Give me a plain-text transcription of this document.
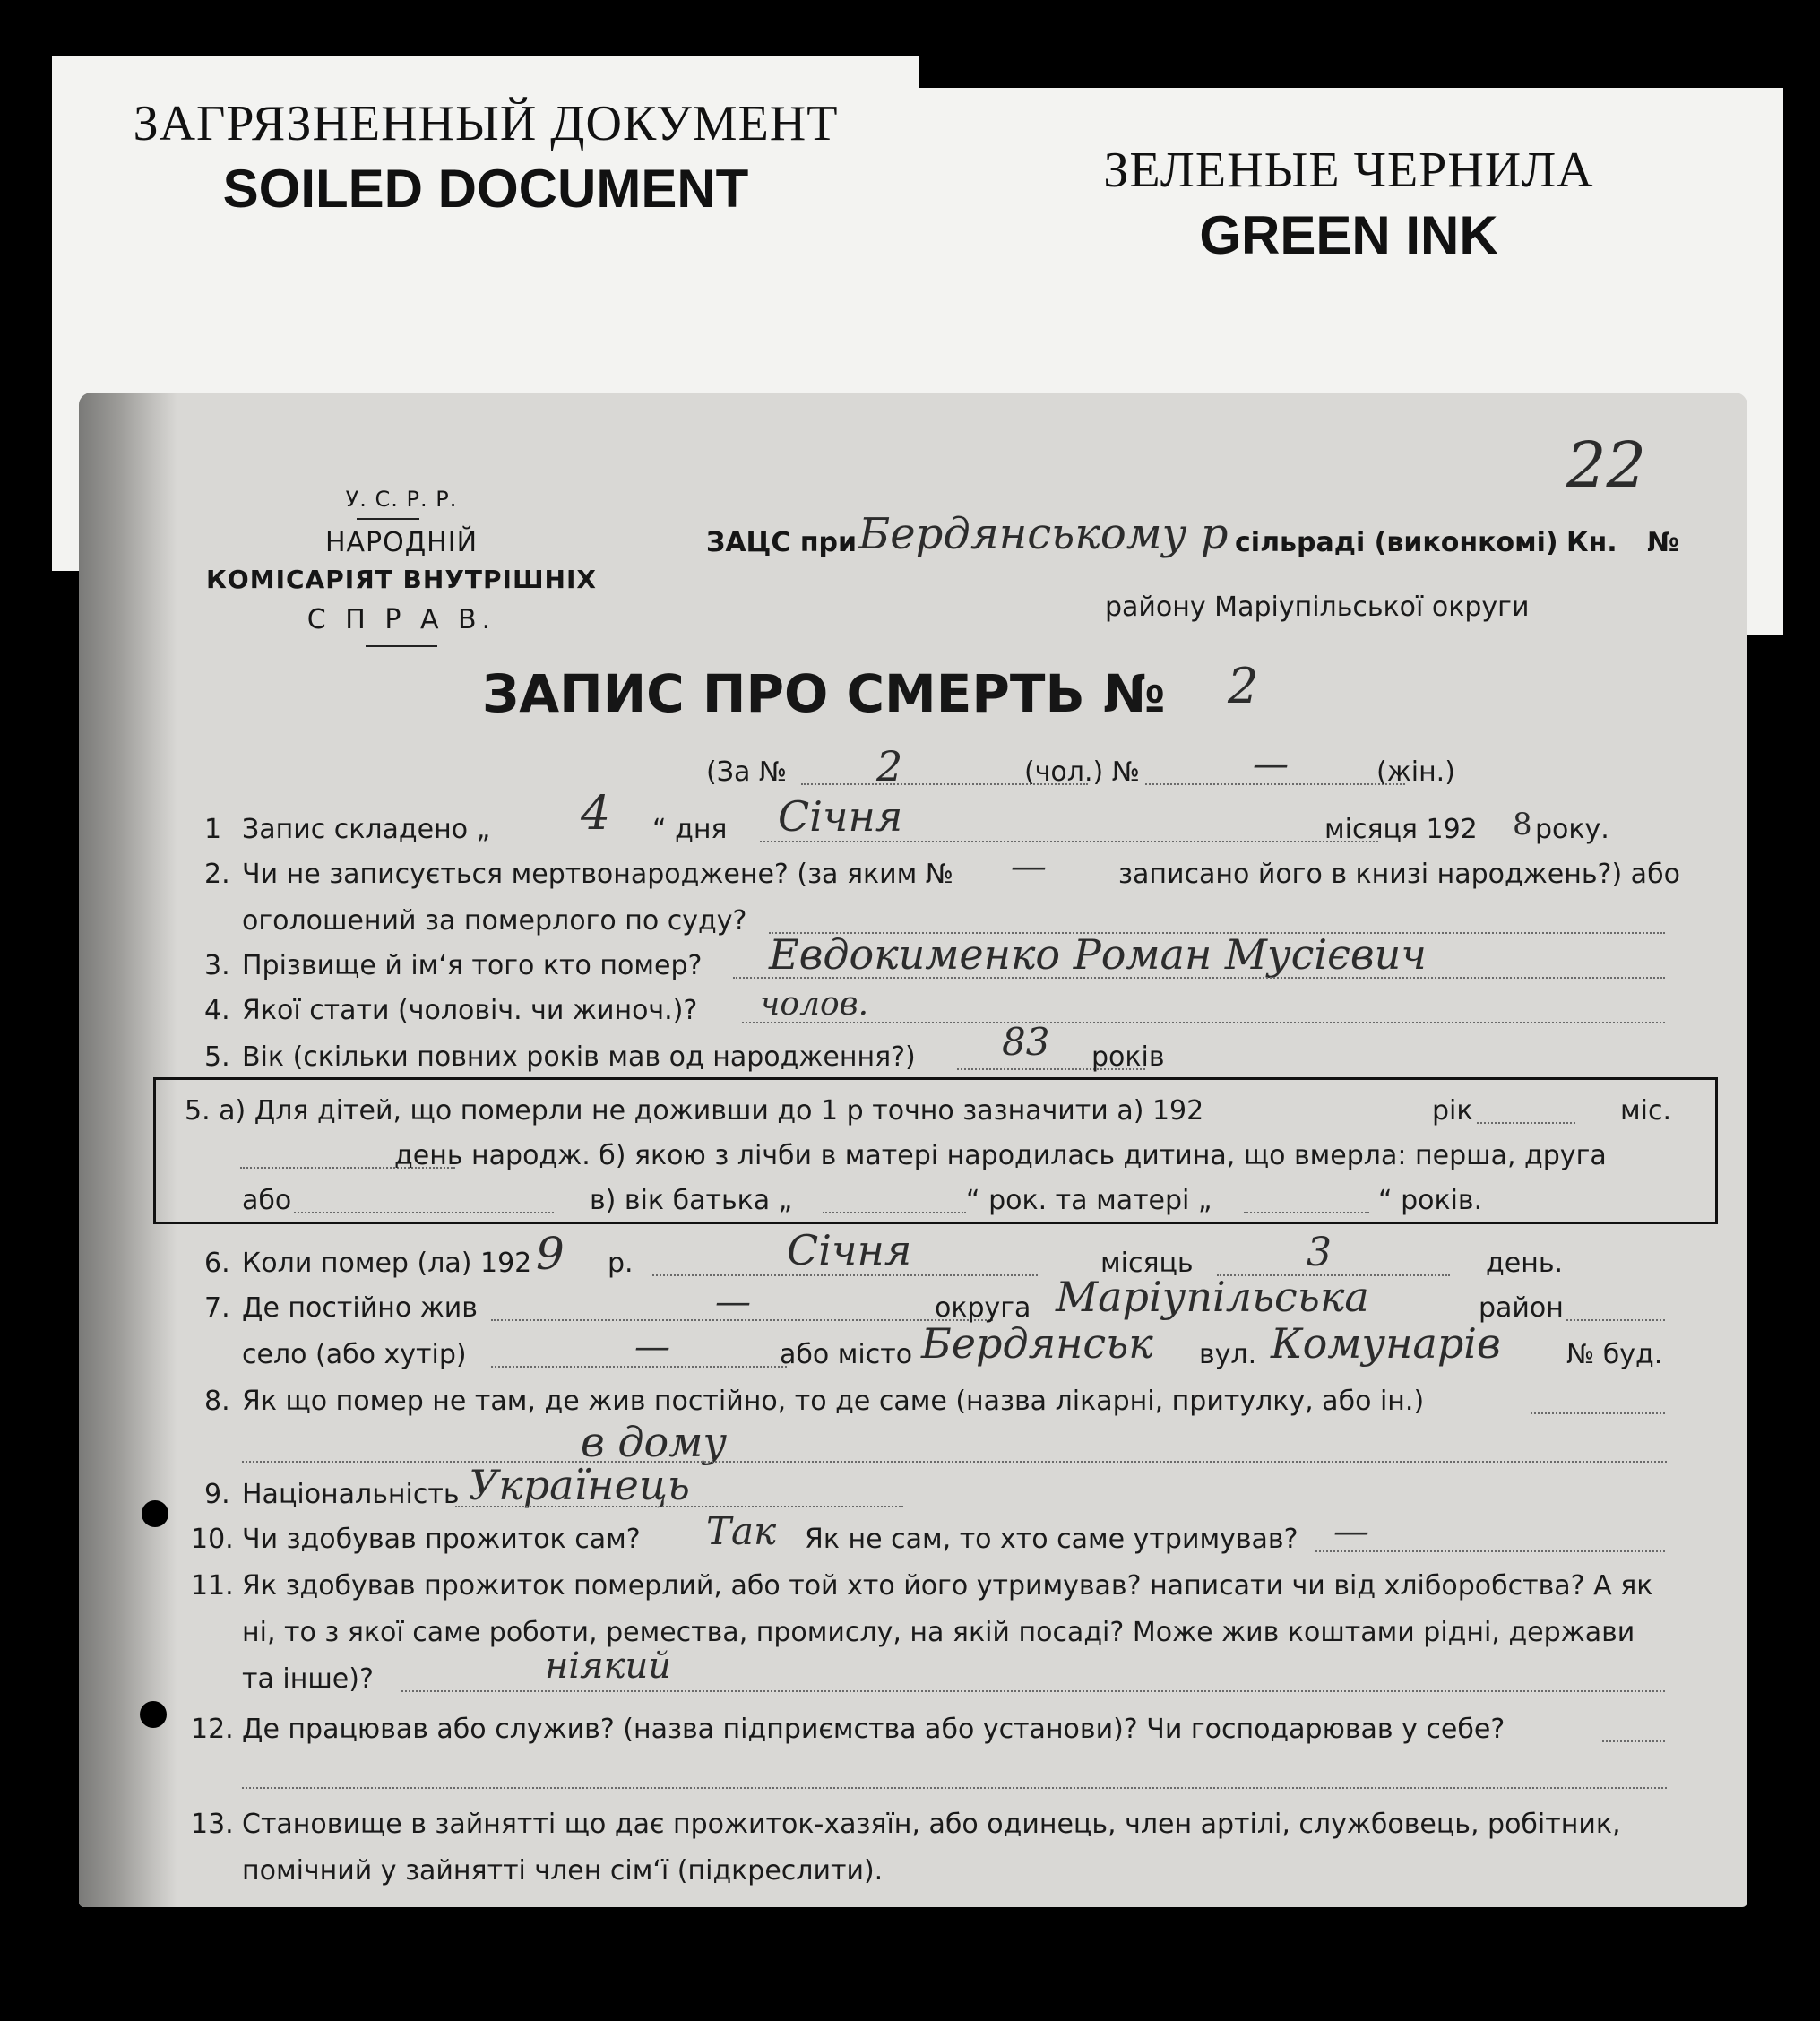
ЗАГРЯЗНЕННЫЙ ДОКУМЕНТ
SOILED DOCUMENT	ЗЕЛЕНЫЕ ЧЕРНИЛА
GREEN INK
22
У. С. Р. Р.
НАРОДНІЙ
КОМІСАРІЯТ ВНУТРІШНІХ
С П Р А В.
ЗАЦС при Бердянському р сільраді (виконкомі) Кн. №
району Маріупільської округи
ЗАПИС ПРО СМЕРТЬ № 2
(За № 2	(чол.) №	—	(жін.)
1 Запис складено „ 4 “ дня Січня	місяця 192 8 року.
2. Чи не записується мертвонароджене? (за яким № —	записано його в книзі народжень?) або
оголошений за померлого по суду?
3. Прізвище й ім‘я того кто помер? Евдокименко Роман Мусієвич
4. Якої стати (чоловіч. чи жиноч.)? чолов.
5. Вік (скільки повних років мав од народження?) 83 років
5. а) Для дітей, що померли не доживши до 1 р точно зазначити а) 192	рік	міс.
день народж. б) якою з лічби в матері народилась дитина, що вмерла: перша, друга
або	в) вік батька „	“ рок. та матері „	“ років.
6. Коли помер (ла) 192 9 р.	Січня	місяць	3	день.
7. Де постійно жив	—	округа Маріупільська	район
село (або хутір)	—	або місто Бердянськ вул. Комунарів № буд.
8. Як що помер не там, де жив постійно, то де саме (назва лікарні, притулку, або ін.)
в дому
9. Національність Українець
10. Чи здобував прожиток сам? Так Як не сам, то хто саме утримував? —
11. Як здобував прожиток померлий, або той хто його утримував? написати чи від хліборобства? А як
ні, то з якої саме роботи, ремества, промислу, на якій посаді? Може жив коштами рідні, держави
та інше)?	ніякий
12. Де працював або служив? (назва підприємства або установи)? Чи господарював у себе?
13. Становище в зайнятті що дає прожиток-хазяїн, або одинець, член артілі, службовець, робітник,
помічний у зайнятті член сім‘ї (підкреслити).
